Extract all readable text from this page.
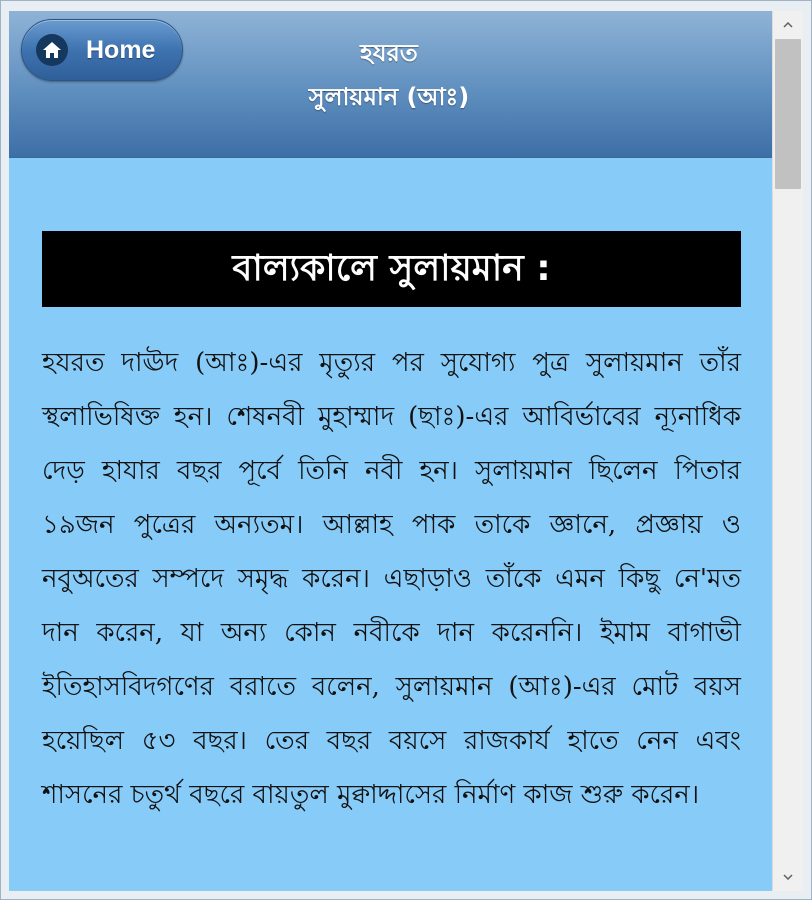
Home	হযরত
সুলায়মান (আঃ)
বাল্যকালে সুলায়মান :

হযরত দাঊদ (আঃ)-এর মৃত্যুর পর সুযোগ্য পুত্র সুলায়মান তাঁর স্থলাভিষিক্ত হন। শেষনবী মুহাম্মাদ (ছাঃ)-এর আবির্ভাবের ন্যূনাধিক দেড় হাযার বছর পূর্বে তিনি নবী হন। সুলায়মান ছিলেন পিতার ১৯জন পুত্রের অন্যতম। আল্লাহ পাক তাকে জ্ঞানে, প্রজ্ঞায় ও নবুঅতের সম্পদে সমৃদ্ধ করেন। এছাড়াও তাঁকে এমন কিছু নে'মত দান করেন, যা অন্য কোন নবীকে দান করেননি। ইমাম বাগাভী ইতিহাসবিদগণের বরাতে বলেন, সুলায়মান (আঃ)-এর মোট বয়স হয়েছিল ৫৩ বছর। তের বছর বয়সে রাজকার্য হাতে নেন এবং শাসনের চতুর্থ বছরে বায়তুল মুক্বাদ্দাসের নির্মাণ কাজ শুরু করেন।
